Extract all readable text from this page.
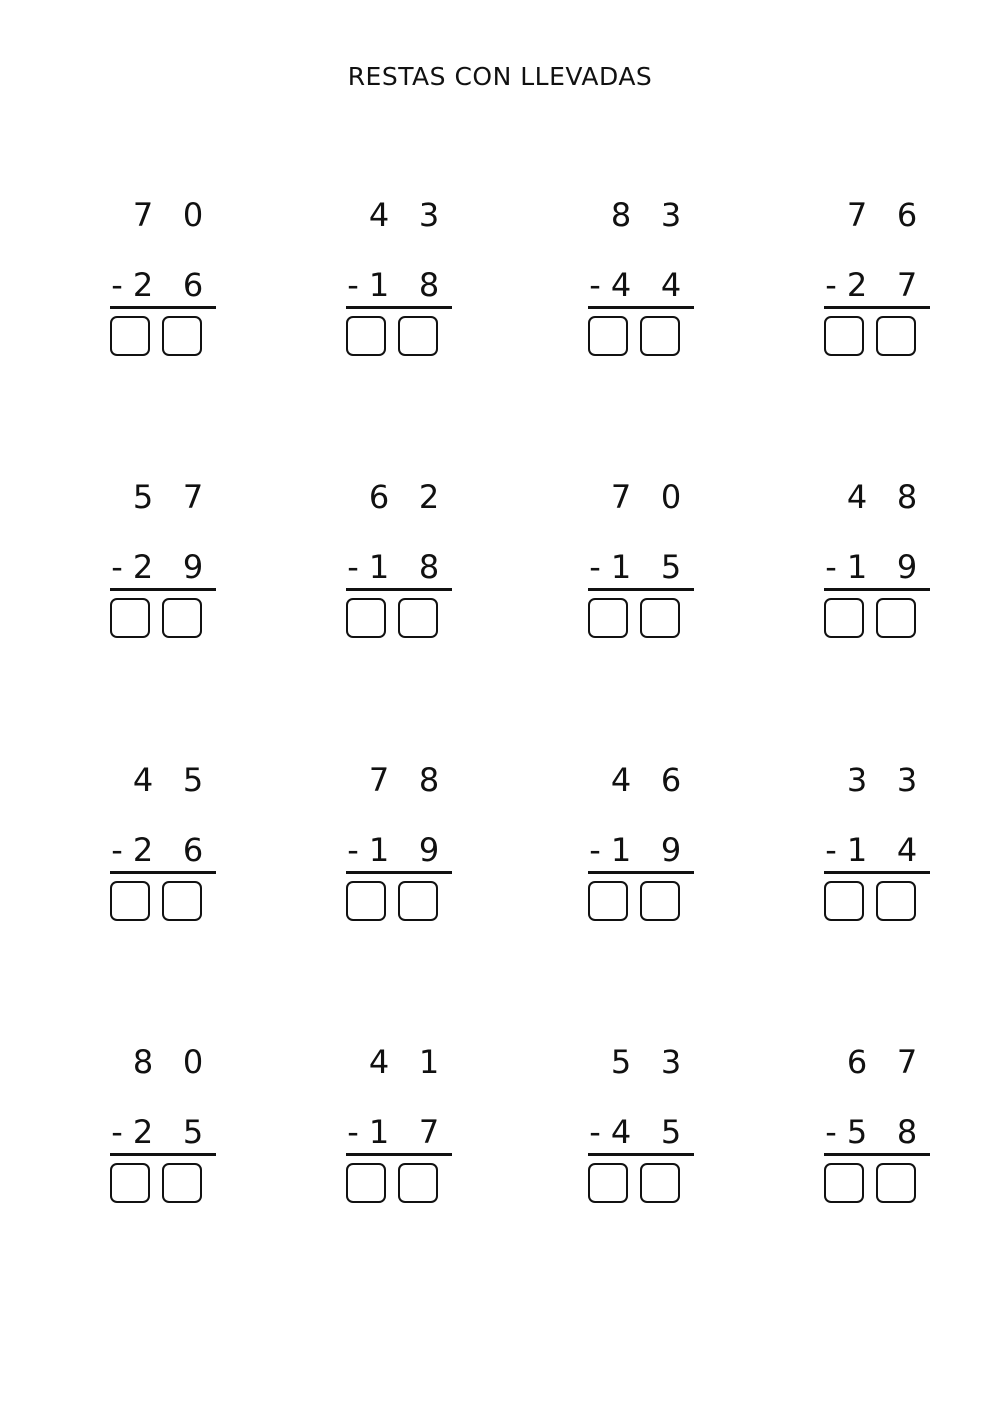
RESTAS CON LLEVADAS
7 0
- 2 6
4 3
- 1 8
8 3
- 4 4
7 6
- 2 7
5 7
- 2 9
6 2
- 1 8
7 0
- 1 5
4 8
- 1 9
4 5
- 2 6
7 8
- 1 9
4 6
- 1 9
3 3
- 1 4
8 0
- 2 5
4 1
- 1 7
5 3
- 4 5
6 7
- 5 8
